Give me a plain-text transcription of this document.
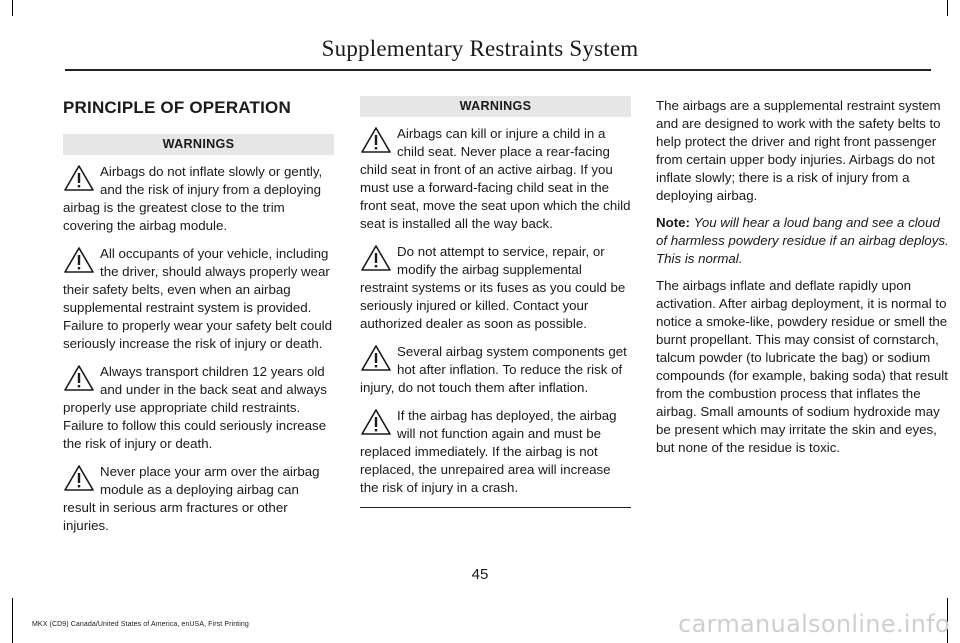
Supplementary Restraints System
PRINCIPLE OF OPERATION
WARNINGS
Airbags do not inflate slowly or gently, and the risk of injury from a deploying airbag is the greatest close to the trim covering the airbag module.
All occupants of your vehicle, including the driver, should always properly wear their safety belts, even when an airbag supplemental restraint system is provided. Failure to properly wear your safety belt could seriously increase the risk of injury or death.
Always transport children 12 years old and under in the back seat and always properly use appropriate child restraints. Failure to follow this could seriously increase the risk of injury or death.
Never place your arm over the airbag module as a deploying airbag can result in serious arm fractures or other injuries.
WARNINGS
Airbags can kill or injure a child in a child seat. Never place a rear-facing child seat in front of an active airbag. If you must use a forward-facing child seat in the front seat, move the seat upon which the child seat is installed all the way back.
Do not attempt to service, repair, or modify the airbag supplemental restraint systems or its fuses as you could be seriously injured or killed. Contact your authorized dealer as soon as possible.
Several airbag system components get hot after inflation. To reduce the risk of injury, do not touch them after inflation.
If the airbag has deployed, the airbag will not function again and must be replaced immediately. If the airbag is not replaced, the unrepaired area will increase the risk of injury in a crash.

The airbags are a supplemental restraint system and are designed to work with the safety belts to help protect the driver and right front passenger from certain upper body injuries. Airbags do not inflate slowly; there is a risk of injury from a deploying airbag.

Note: You will hear a loud bang and see a cloud of harmless powdery residue if an airbag deploys. This is normal.

The airbags inflate and deflate rapidly upon activation. After airbag deployment, it is normal to notice a smoke-like, powdery residue or smell the burnt propellant. This may consist of cornstarch, talcum powder (to lubricate the bag) or sodium compounds (for example, baking soda) that result from the combustion process that inflates the airbag. Small amounts of sodium hydroxide may be present which may irritate the skin and eyes, but none of the residue is toxic.

45
MKX (CD9) Canada/United States of America, enUSA, First Printing	carmanualsonline.info
